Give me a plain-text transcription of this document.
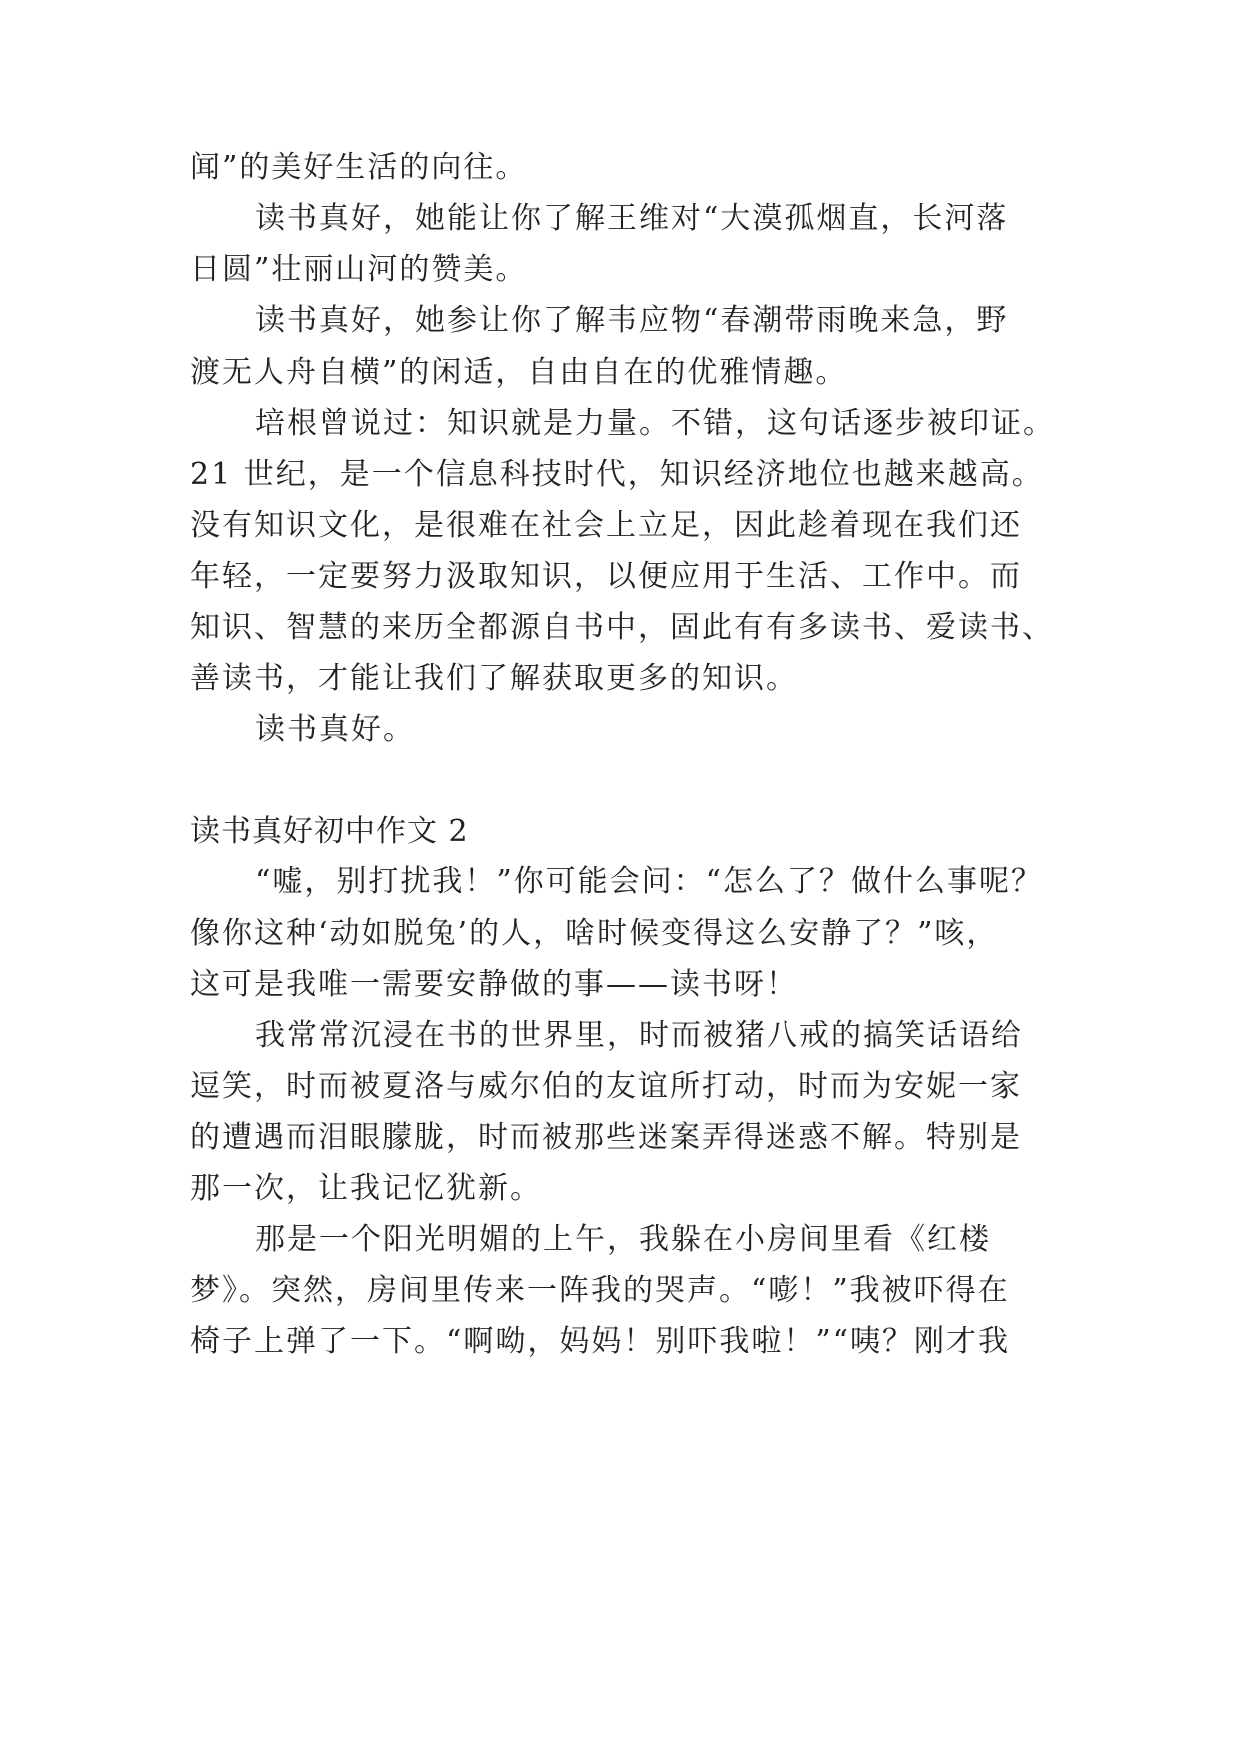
闻”的美好生活的向往。
读书真好，她能让你了解王维对“大漠孤烟直，长河落
日圆”壮丽山河的赞美。
读书真好，她参让你了解韦应物“春潮带雨晚来急，野
渡无人舟自横”的闲适，自由自在的优雅情趣。
培根曾说过：知识就是力量。不错，这句话逐步被印证。
21 世纪，是一个信息科技时代，知识经济地位也越来越高。
没有知识文化，是很难在社会上立足，因此趁着现在我们还
年轻，一定要努力汲取知识，以便应用于生活、工作中。而
知识、智慧的来历全都源自书中，固此有有多读书、爱读书、
善读书，才能让我们了解获取更多的知识。
读书真好。
读书真好初中作文 2
“嘘，别打扰我！”你可能会问：“怎么了？做什么事呢？
像你这种‘动如脱兔’的人，啥时候变得这么安静了？”咳，
这可是我唯一需要安静做的事——读书呀！
我常常沉浸在书的世界里，时而被猪八戒的搞笑话语给
逗笑，时而被夏洛与威尔伯的友谊所打动，时而为安妮一家
的遭遇而泪眼朦胧，时而被那些迷案弄得迷惑不解。特别是
那一次，让我记忆犹新。
那是一个阳光明媚的上午，我躲在小房间里看《红楼
梦》。突然，房间里传来一阵我的哭声。“嘭！”我被吓得在
椅子上弹了一下。“啊呦，妈妈！别吓我啦！”“咦？刚才我
